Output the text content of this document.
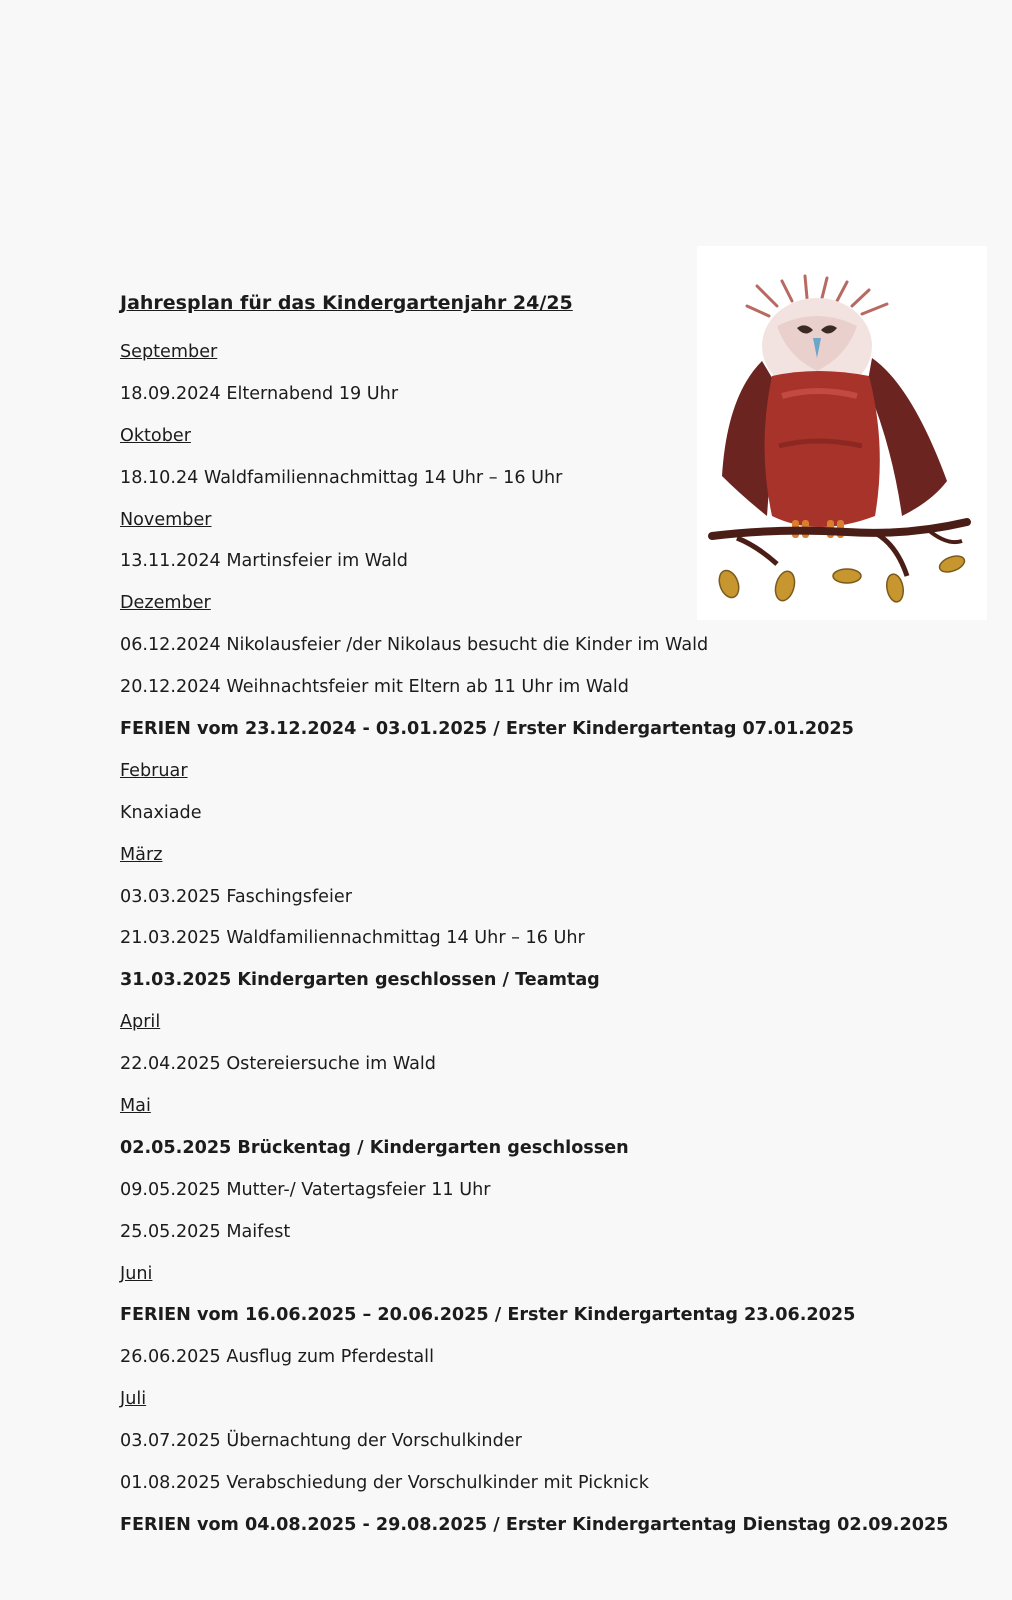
Jahresplan für das Kindergartenjahr 24/25
September
18.09.2024 Elternabend 19 Uhr
Oktober
18.10.24 Waldfamiliennachmittag 14 Uhr – 16 Uhr
November
13.11.2024 Martinsfeier im Wald
Dezember
06.12.2024 Nikolausfeier /der Nikolaus besucht die Kinder im Wald
20.12.2024 Weihnachtsfeier mit Eltern ab 11 Uhr im Wald
FERIEN vom 23.12.2024 - 03.01.2025 / Erster Kindergartentag 07.01.2025
Februar
Knaxiade
März
03.03.2025 Faschingsfeier
21.03.2025 Waldfamiliennachmittag 14 Uhr – 16 Uhr
31.03.2025 Kindergarten geschlossen / Teamtag
April
22.04.2025 Ostereiersuche im Wald
Mai
02.05.2025 Brückentag / Kindergarten geschlossen
09.05.2025 Mutter-/ Vatertagsfeier 11 Uhr
25.05.2025 Maifest
Juni
FERIEN vom 16.06.2025 – 20.06.2025 / Erster Kindergartentag 23.06.2025
26.06.2025 Ausflug zum Pferdestall
Juli
03.07.2025 Übernachtung der Vorschulkinder
01.08.2025 Verabschiedung der Vorschulkinder mit Picknick
FERIEN vom 04.08.2025 - 29.08.2025 / Erster Kindergartentag Dienstag 02.09.2025
